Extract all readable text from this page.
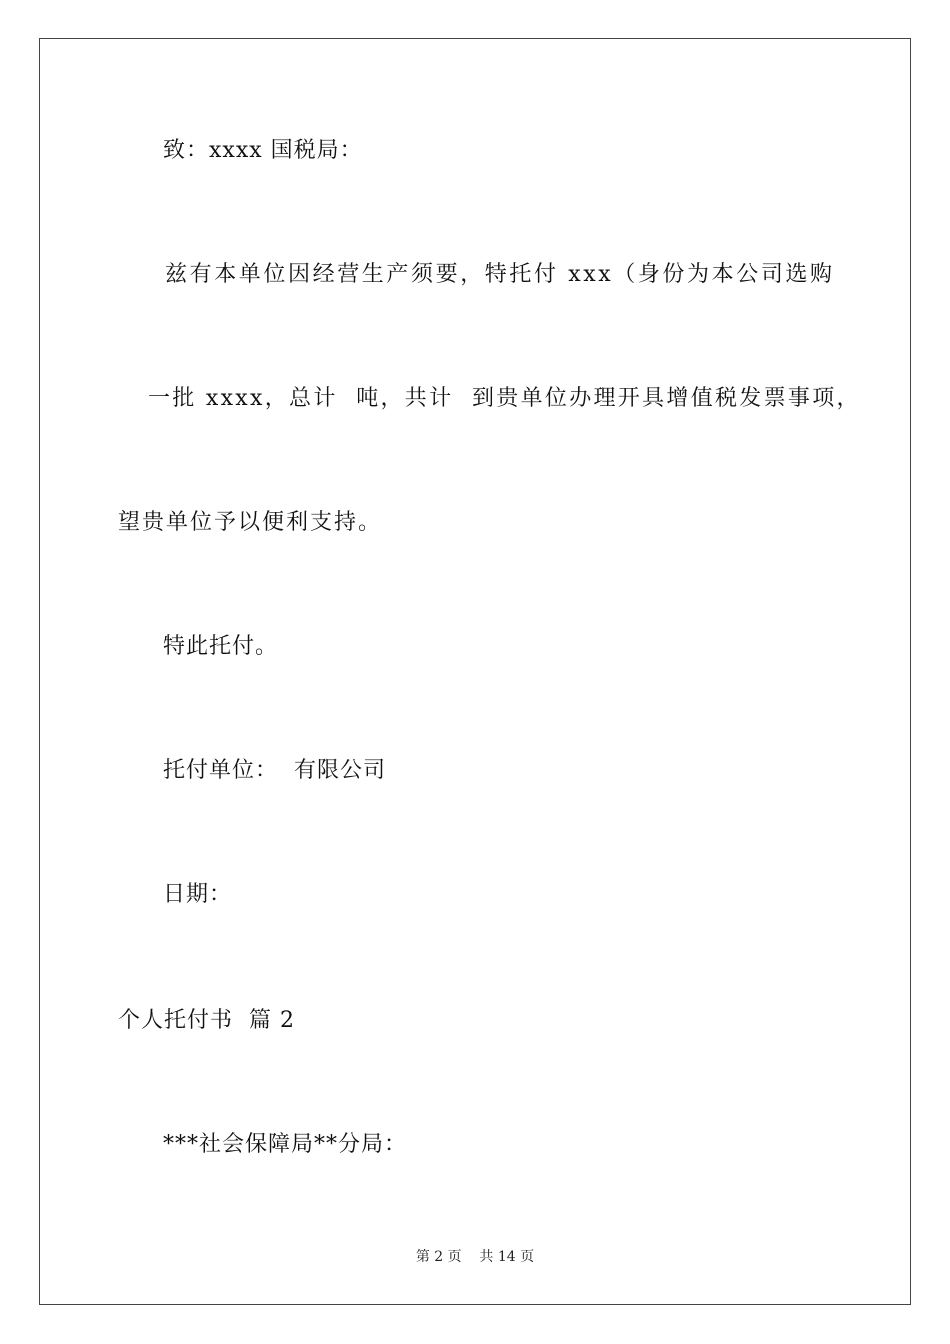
致：xxxx 国税局：
兹有本单位因经营生产须要，特托付 xxx（身份为本公司选购
一批 xxxx，总计  吨，共计  到贵单位办理开具增值税发票事项，
望贵单位予以便利支持。
特此托付。
托付单位：  有限公司
日期：
个人托付书  篇 2
***社会保障局**分局：
第 2 页    共 14 页
